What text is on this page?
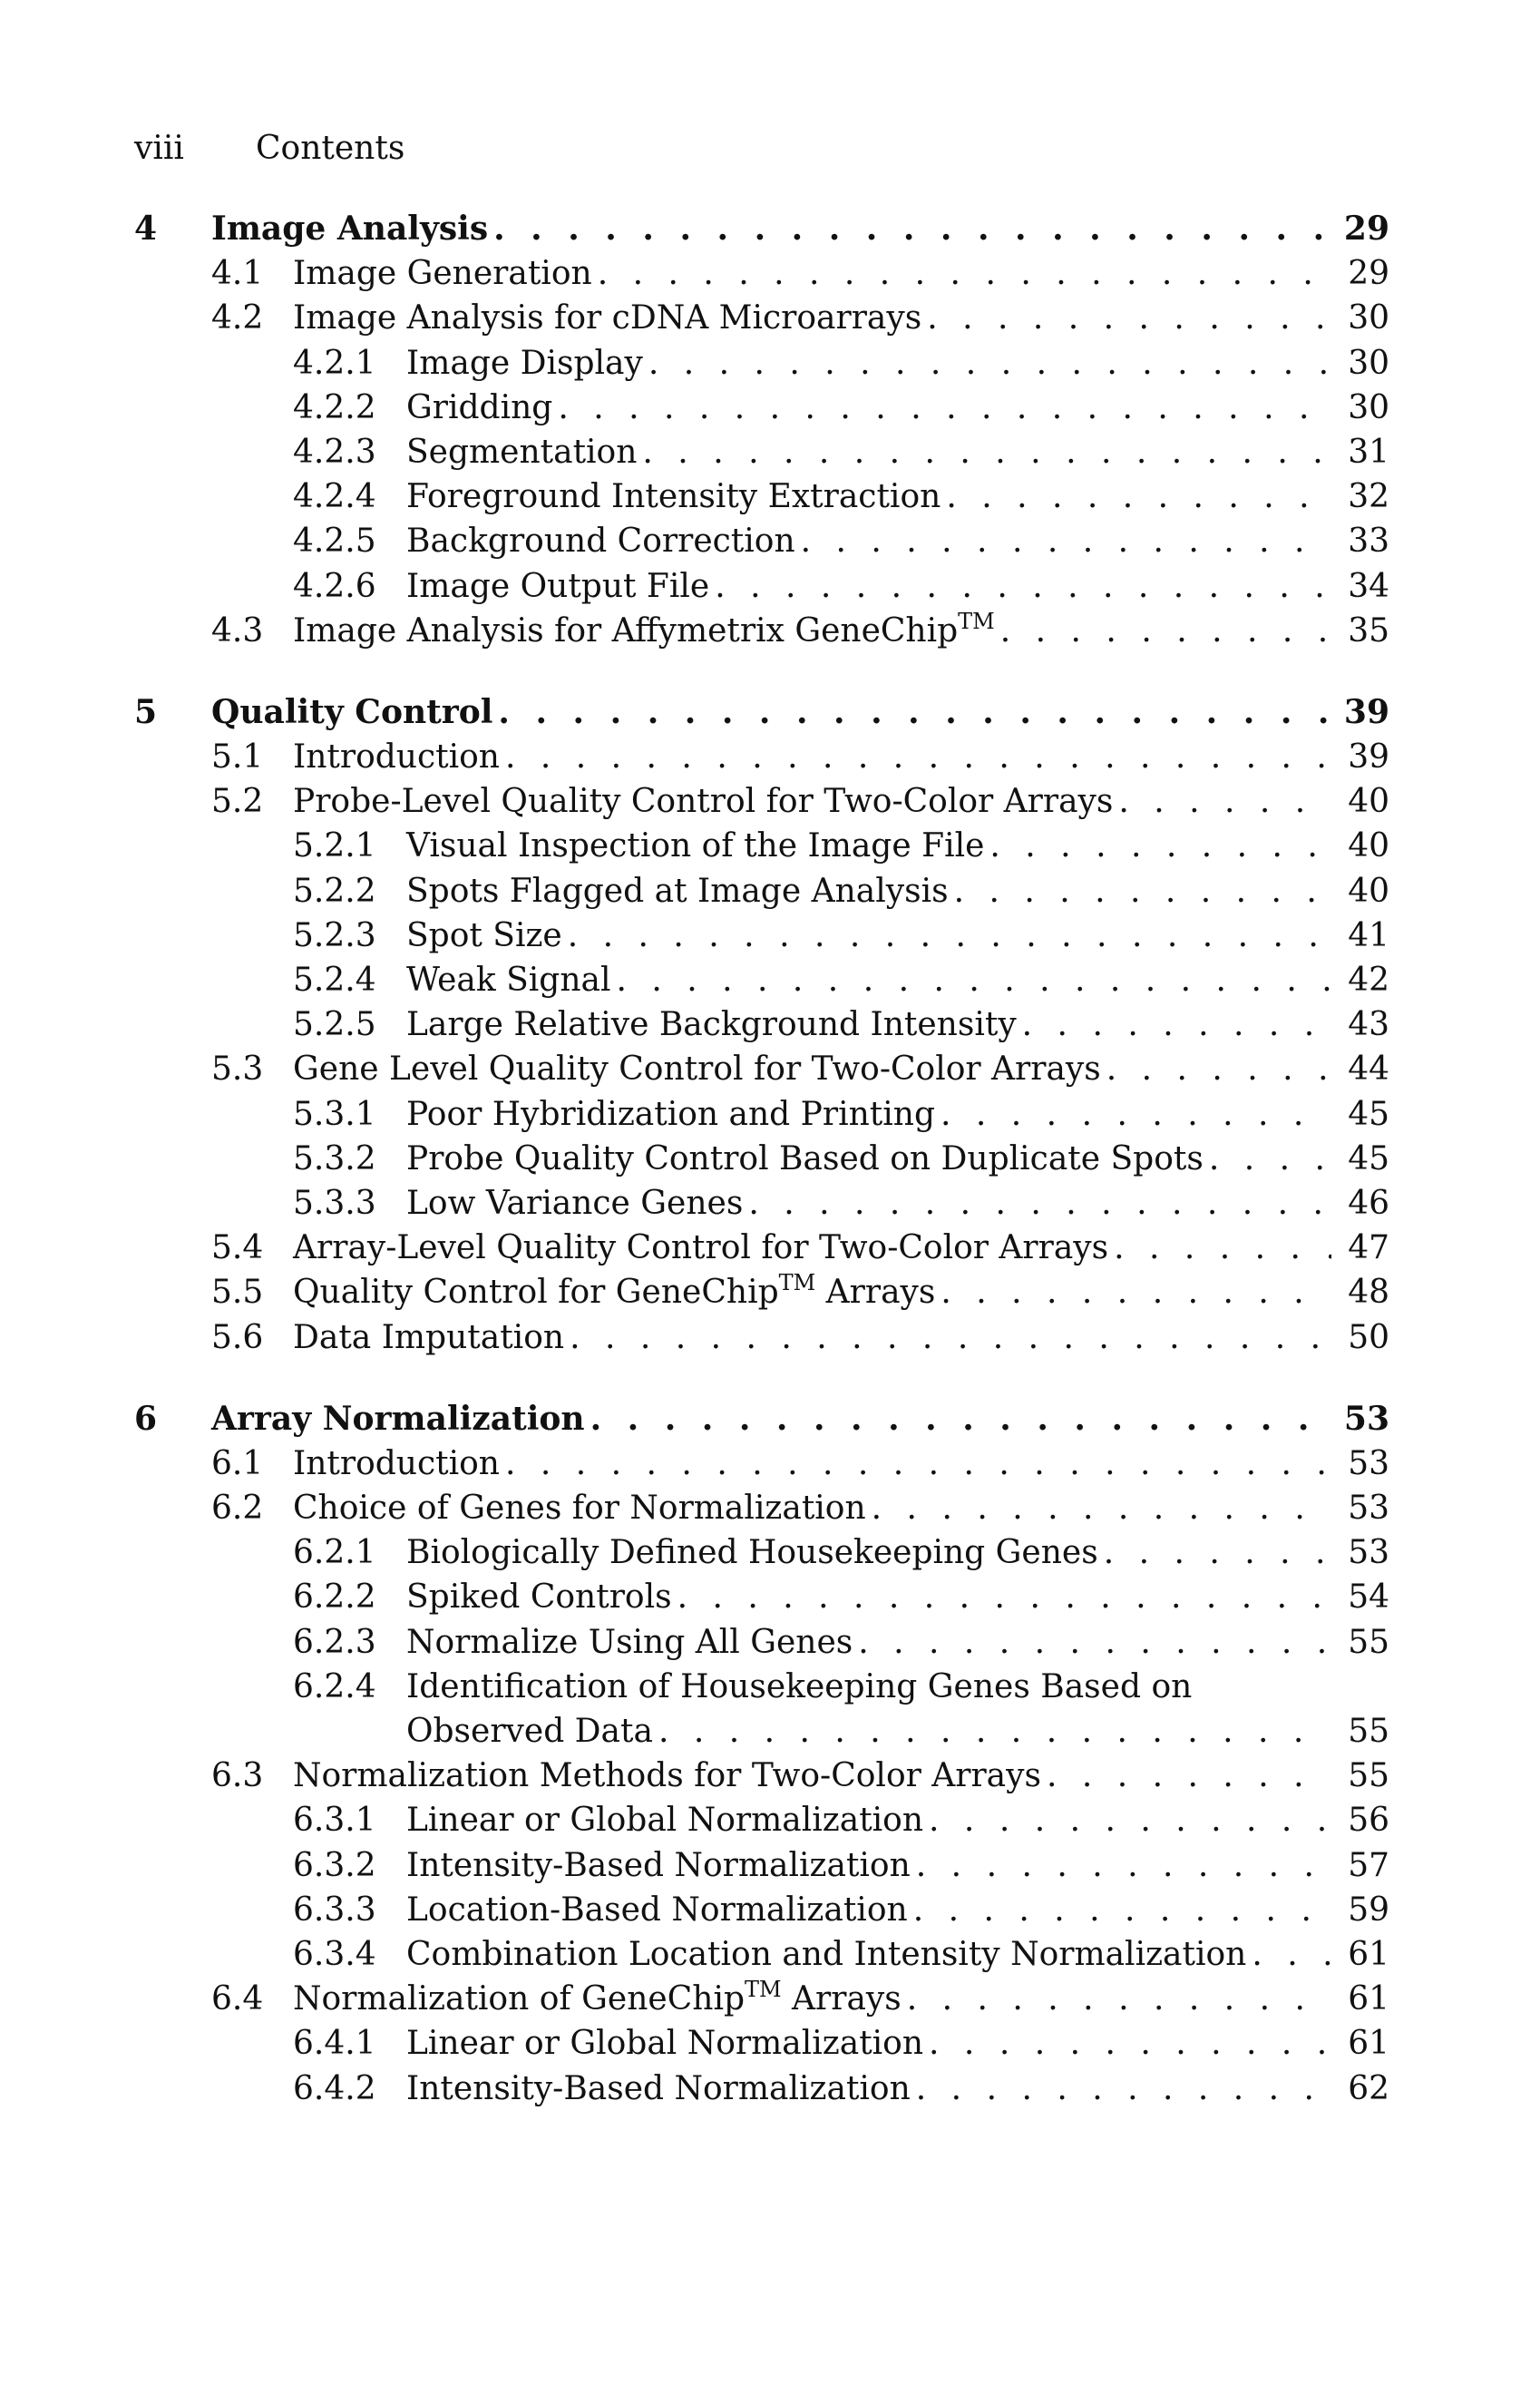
viii Contents
4 Image Analysis . . .	29
4.1 Image Generation . . .	29
4.2 Image Analysis for cDNA Microarrays . . .	30
4.2.1 Image Display . . .	30
4.2.2 Gridding . . .	30
4.2.3 Segmentation . . .	31
4.2.4 Foreground Intensity Extraction . . .	32
4.2.5 Background Correction . . .	33
4.2.6 Image Output File . . .	34
4.3 Image Analysis for Affymetrix GeneChip™ . . .	35
5 Quality Control . . .	39
5.1 Introduction . . .	39
5.2 Probe-Level Quality Control for Two-Color Arrays . . .	40
5.2.1 Visual Inspection of the Image File . . .	40
5.2.2 Spots Flagged at Image Analysis . . .	40
5.2.3 Spot Size . . .	41
5.2.4 Weak Signal . . .	42
5.2.5 Large Relative Background Intensity . . .	43
5.3 Gene Level Quality Control for Two-Color Arrays . . .	44
5.3.1 Poor Hybridization and Printing . . .	45
5.3.2 Probe Quality Control Based on Duplicate Spots . . .	45
5.3.3 Low Variance Genes . . .	46
5.4 Array-Level Quality Control for Two-Color Arrays . . .	47
5.5 Quality Control for GeneChip™ Arrays . . .	48
5.6 Data Imputation . . .	50
6 Array Normalization . . .	53
6.1 Introduction . . .	53
6.2 Choice of Genes for Normalization . . .	53
6.2.1 Biologically Defined Housekeeping Genes . . .	53
6.2.2 Spiked Controls . . .	54
6.2.3 Normalize Using All Genes . . .	55
6.2.4 Identification of Housekeeping Genes Based on
Observed Data . . .	55
6.3 Normalization Methods for Two-Color Arrays . . .	55
6.3.1 Linear or Global Normalization . . .	56
6.3.2 Intensity-Based Normalization . . .	57
6.3.3 Location-Based Normalization . . .	59
6.3.4 Combination Location and Intensity Normalization . . .	61
6.4 Normalization of GeneChip™ Arrays . . .	61
6.4.1 Linear or Global Normalization . . .	61
6.4.2 Intensity-Based Normalization . . .	62
